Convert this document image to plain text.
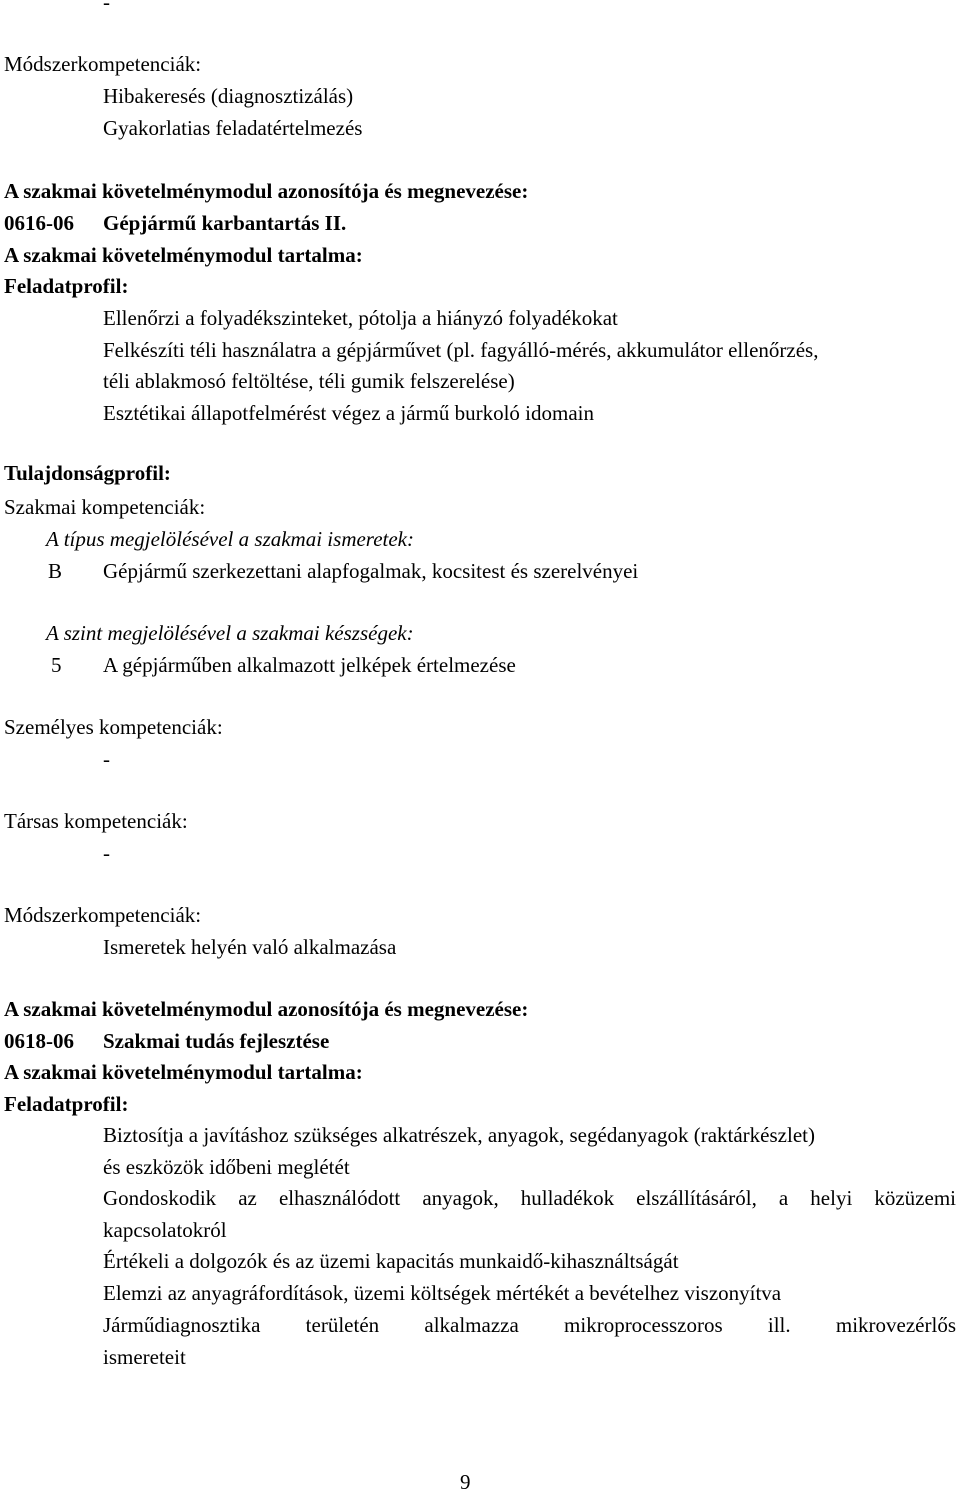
-
Módszerkompetenciák:
Hibakeresés (diagnosztizálás)
Gyakorlatias feladatértelmezés
A szakmai követelménymodul azonosítója és megnevezése:
0616-06 Gépjármű karbantartás II.
A szakmai követelménymodul tartalma:
Feladatprofil:
Ellenőrzi a folyadékszinteket, pótolja a hiányzó folyadékokat
Felkészíti téli használatra a gépjárművet (pl. fagyálló-mérés, akkumulátor ellenőrzés,
téli ablakmosó feltöltése, téli gumik felszerelése)
Esztétikai állapotfelmérést végez a jármű burkoló idomain
Tulajdonságprofil:
Szakmai kompetenciák:
A típus megjelölésével a szakmai ismeretek:
B Gépjármű szerkezettani alapfogalmak, kocsitest és szerelvényei
A szint megjelölésével a szakmai készségek:
5 A gépjárműben alkalmazott jelképek értelmezése
Személyes kompetenciák:
-
Társas kompetenciák:
-
Módszerkompetenciák:
Ismeretek helyén való alkalmazása
A szakmai követelménymodul azonosítója és megnevezése:
0618-06 Szakmai tudás fejlesztése
A szakmai követelménymodul tartalma:
Feladatprofil:
Biztosítja a javításhoz szükséges alkatrészek, anyagok, segédanyagok (raktárkészlet)
és eszközök időbeni meglétét
Gondoskodik az elhasználódott anyagok, hulladékok elszállításáról, a helyi közüzemi
kapcsolatokról
Értékeli a dolgozók és az üzemi kapacitás munkaidő-kihasználtságát
Elemzi az anyagráfordítások, üzemi költségek mértékét a bevételhez viszonyítva
Járműdiagnosztika területén alkalmazza mikroprocesszoros ill. mikrovezérlős
ismereteit
9
